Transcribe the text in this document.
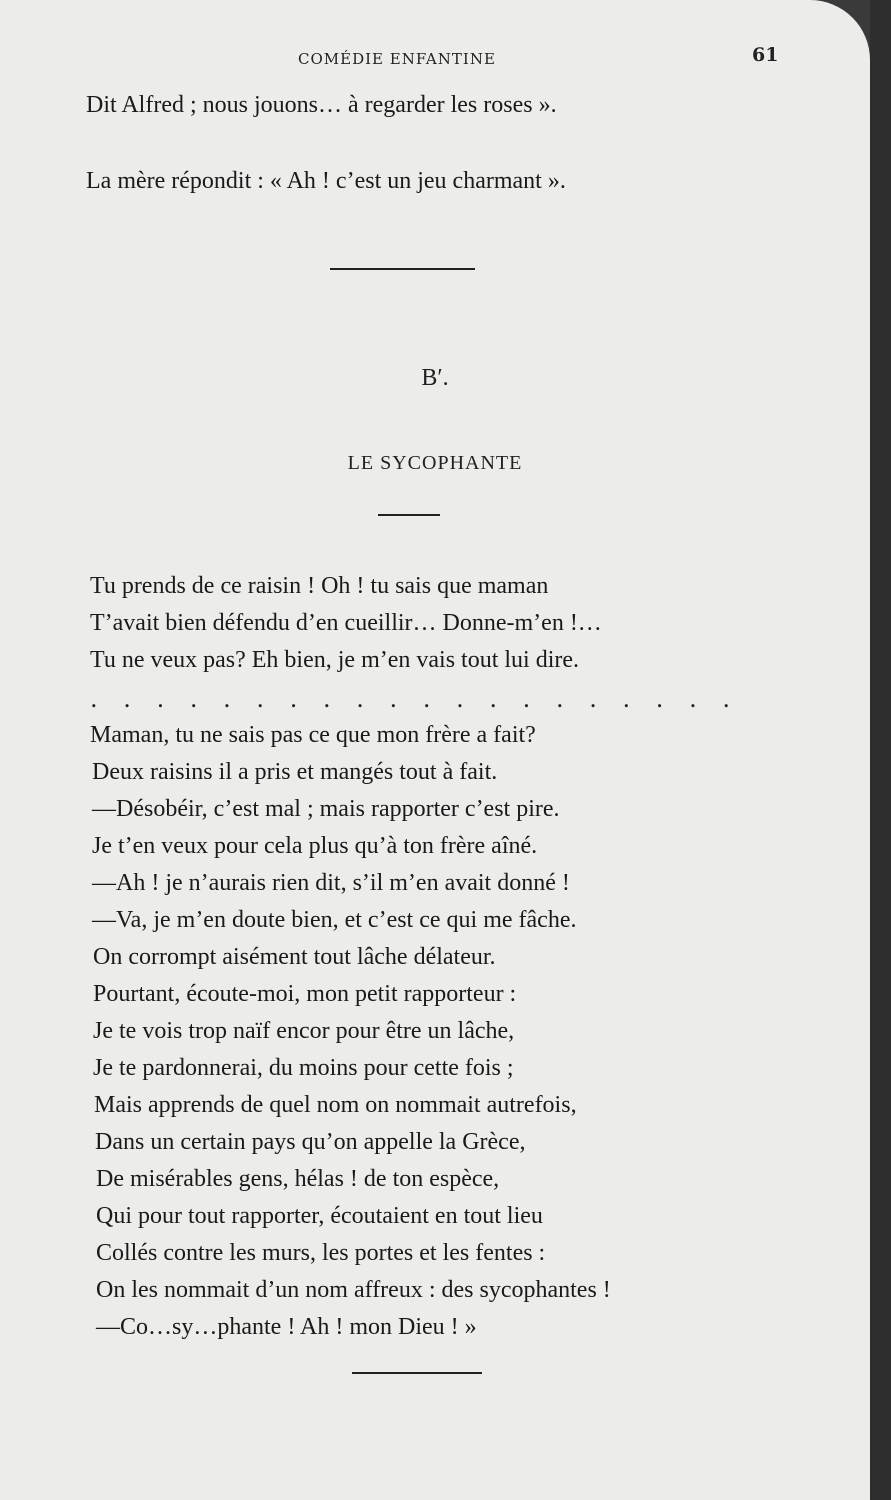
COMÉDIE ENFANTINE	61
Dit Alfred ; nous jouons… à regarder les roses ».
La mère répondit : « Ah ! c’est un jeu charmant ».
B′.
LE SYCOPHANTE
Tu prends de ce raisin ! Oh ! tu sais que maman
T’avait bien défendu d’en cueillir… Donne-m’en !…
Tu ne veux pas? Eh bien, je m’en vais tout lui dire.
. . . . . . . . . . . . . . . . . . . .
Maman, tu ne sais pas ce que mon frère a fait?
Deux raisins il a pris et mangés tout à fait.
—Désobéir, c’est mal ; mais rapporter c’est pire.
Je t’en veux pour cela plus qu’à ton frère aîné.
—Ah ! je n’aurais rien dit, s’il m’en avait donné !
—Va, je m’en doute bien, et c’est ce qui me fâche.
On corrompt aisément tout lâche délateur.
Pourtant, écoute-moi, mon petit rapporteur :
Je te vois trop naïf encor pour être un lâche,
Je te pardonnerai, du moins pour cette fois ;
Mais apprends de quel nom on nommait autrefois,
Dans un certain pays qu’on appelle la Grèce,
De misérables gens, hélas ! de ton espèce,
Qui pour tout rapporter, écoutaient en tout lieu
Collés contre les murs, les portes et les fentes :
On les nommait d’un nom affreux : des sycophantes !
—Co…sy…phante ! Ah ! mon Dieu ! »
